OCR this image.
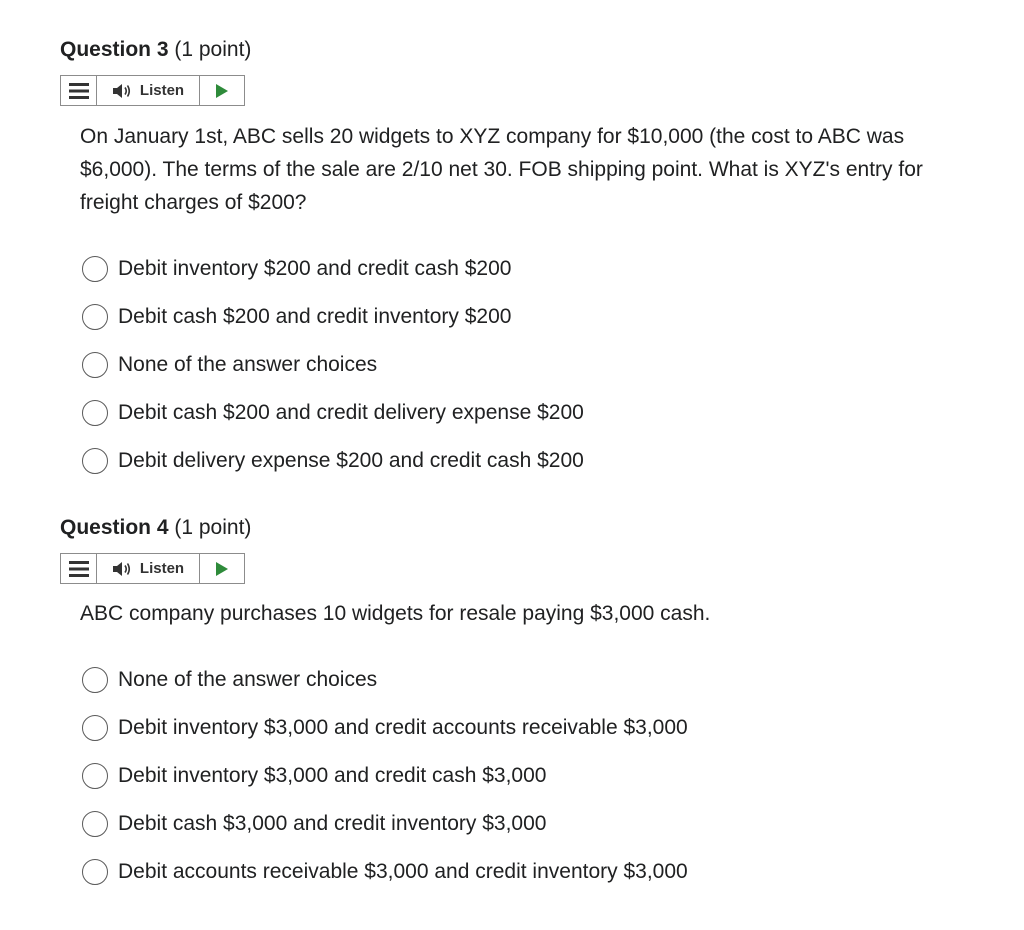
Question 3 (1 point)
Listen
On January 1st, ABC sells 20 widgets to XYZ company for $10,000 (the cost to ABC was $6,000). The terms of the sale are 2/10 net 30. FOB shipping point. What is XYZ's entry for freight charges of $200?
Debit inventory $200 and credit cash $200
Debit cash $200 and credit inventory $200
None of the answer choices
Debit cash $200 and credit delivery expense $200
Debit delivery expense $200 and credit cash $200
Question 4 (1 point)
Listen
ABC company purchases 10 widgets for resale paying $3,000 cash.
None of the answer choices
Debit inventory $3,000 and credit accounts receivable $3,000
Debit inventory $3,000 and credit cash $3,000
Debit cash $3,000 and credit inventory $3,000
Debit accounts receivable $3,000 and credit inventory $3,000
